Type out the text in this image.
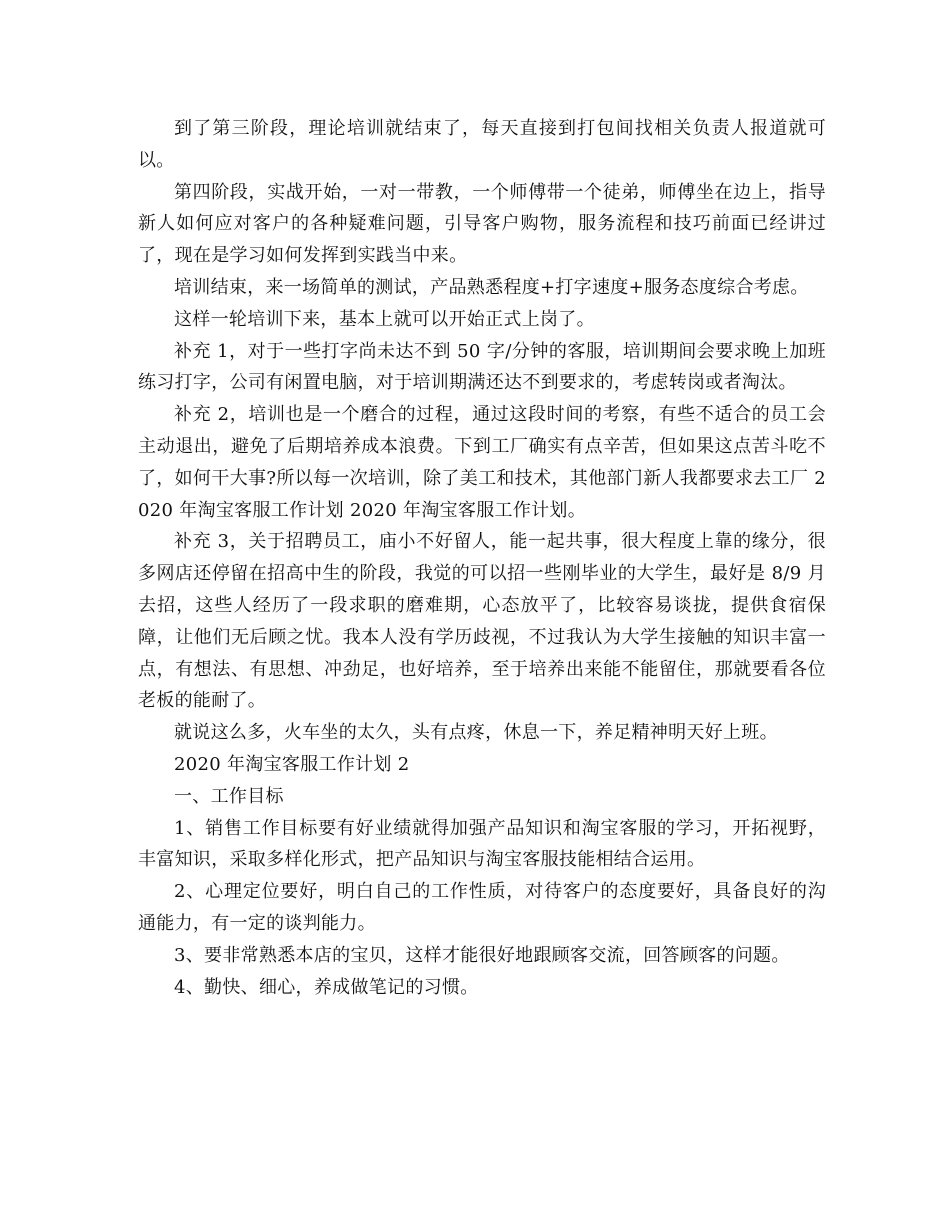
到了第三阶段，理论培训就结束了，每天直接到打包间找相关负责人报道就可以。

第四阶段，实战开始，一对一带教，一个师傅带一个徒弟，师傅坐在边上，指导新人如何应对客户的各种疑难问题，引导客户购物，服务流程和技巧前面已经讲过了，现在是学习如何发挥到实践当中来。

培训结束，来一场简单的测试，产品熟悉程度+打字速度+服务态度综合考虑。

这样一轮培训下来，基本上就可以开始正式上岗了。

补充 1，对于一些打字尚未达不到 50 字/分钟的客服，培训期间会要求晚上加班练习打字，公司有闲置电脑，对于培训期满还达不到要求的，考虑转岗或者淘汰。

补充 2，培训也是一个磨合的过程，通过这段时间的考察，有些不适合的员工会主动退出，避免了后期培养成本浪费。下到工厂确实有点辛苦，但如果这点苦斗吃不了，如何干大事?所以每一次培训，除了美工和技术，其他部门新人我都要求去工厂 2020 年淘宝客服工作计划 2020 年淘宝客服工作计划。

补充 3，关于招聘员工，庙小不好留人，能一起共事，很大程度上靠的缘分，很多网店还停留在招高中生的阶段，我觉的可以招一些刚毕业的大学生，最好是 8/9 月去招，这些人经历了一段求职的磨难期，心态放平了，比较容易谈拢，提供食宿保障，让他们无后顾之忧。我本人没有学历歧视，不过我认为大学生接触的知识丰富一点，有想法、有思想、冲劲足，也好培养，至于培养出来能不能留住，那就要看各位老板的能耐了。

就说这么多，火车坐的太久，头有点疼，休息一下，养足精神明天好上班。

2020 年淘宝客服工作计划 2

一、工作目标

1、销售工作目标要有好业绩就得加强产品知识和淘宝客服的学习，开拓视野，丰富知识，采取多样化形式，把产品知识与淘宝客服技能相结合运用。

2、心理定位要好，明白自己的工作性质，对待客户的态度要好，具备良好的沟通能力，有一定的谈判能力。

3、要非常熟悉本店的宝贝，这样才能很好地跟顾客交流，回答顾客的问题。

4、勤快、细心，养成做笔记的习惯。
